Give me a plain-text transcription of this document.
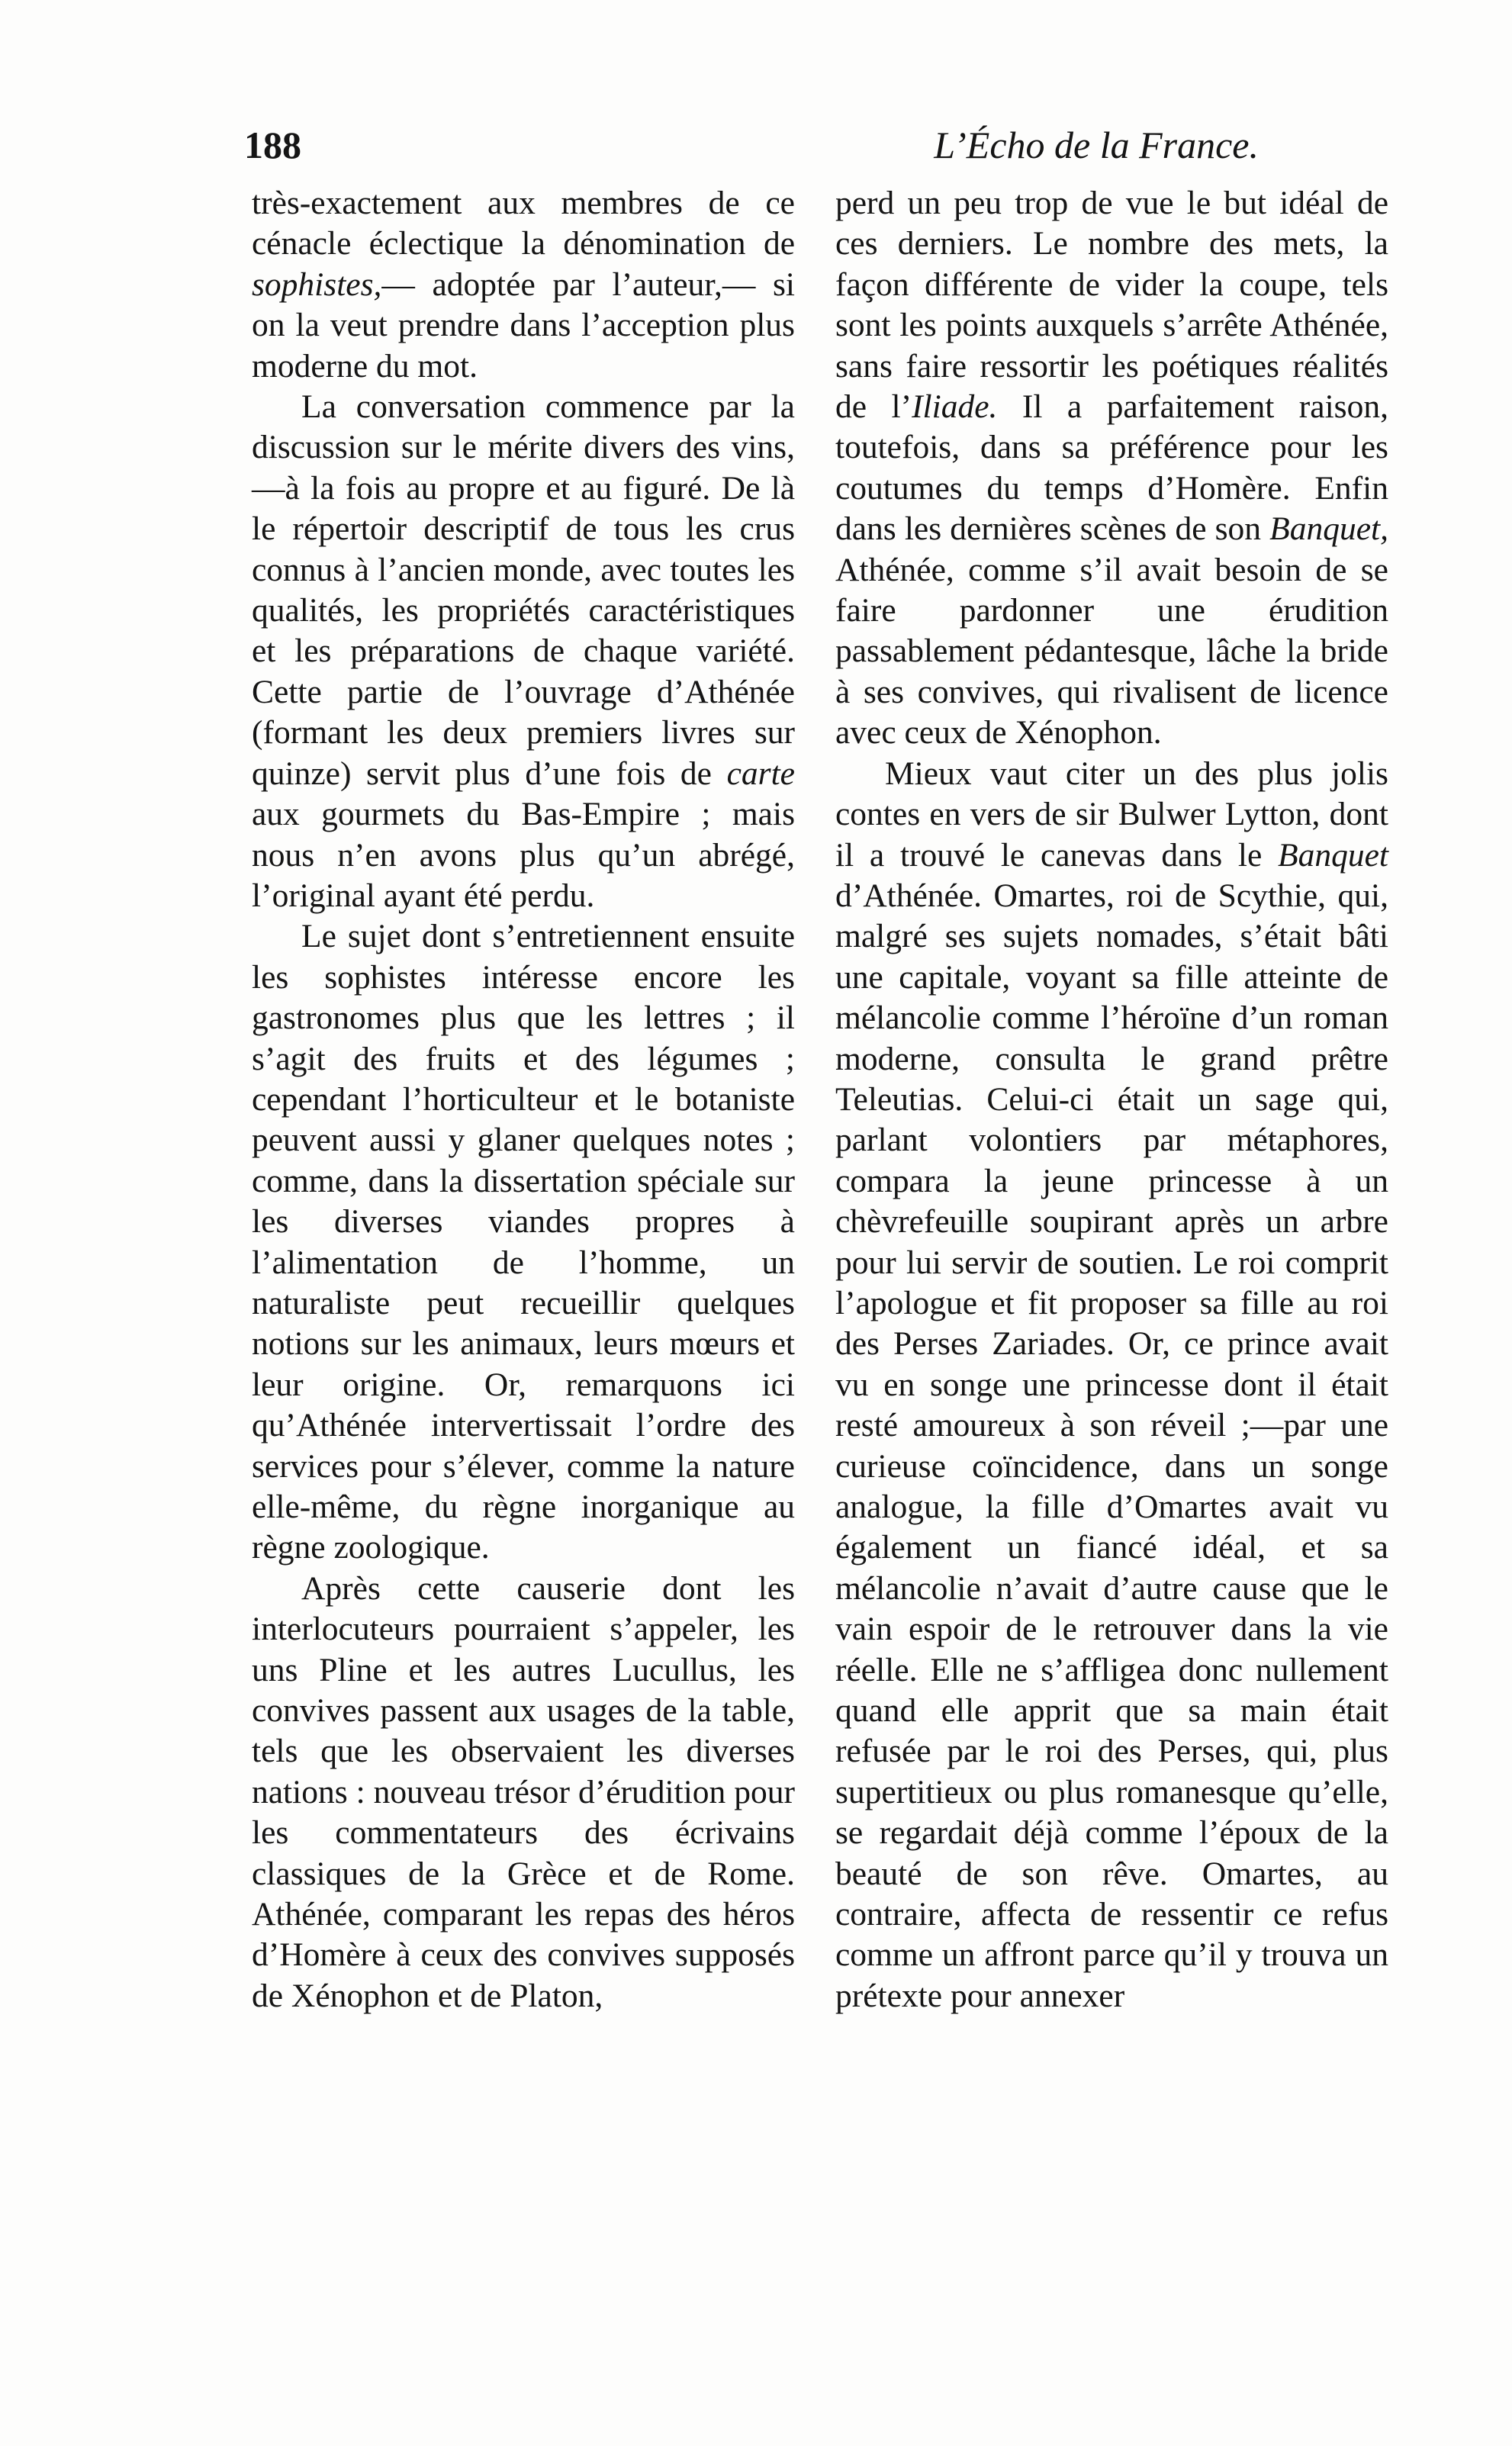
188	L’Écho de la France.

très-exactement aux membres de ce cénacle éclectique la dénomination de sophistes,— adoptée par l’auteur,— si on la veut prendre dans l’acception plus moderne du mot.

La conversation commence par la discussion sur le mérite divers des vins,—à la fois au propre et au figuré. De là le répertoir descriptif de tous les crus connus à l’ancien monde, avec toutes les qualités, les propriétés caractéristiques et les préparations de chaque variété. Cette partie de l’ouvrage d’Athénée (formant les deux premiers livres sur quinze) servit plus d’une fois de carte aux gourmets du Bas-Empire ; mais nous n’en avons plus qu’un abrégé, l’original ayant été perdu.

Le sujet dont s’entretiennent ensuite les sophistes intéresse encore les gastronomes plus que les lettres ; il s’agit des fruits et des légumes ; cependant l’horticulteur et le botaniste peuvent aussi y glaner quelques notes ; comme, dans la dissertation spéciale sur les diverses viandes propres à l’alimentation de l’homme, un naturaliste peut recueillir quelques notions sur les animaux, leurs mœurs et leur origine. Or, remarquons ici qu’Athénée intervertissait l’ordre des services pour s’élever, comme la nature elle-même, du règne inorganique au règne zoologique.

Après cette causerie dont les interlocuteurs pourraient s’appeler, les uns Pline et les autres Lucullus, les convives passent aux usages de la table, tels que les observaient les diverses nations : nouveau trésor d’érudition pour les commentateurs des écrivains classiques de la Grèce et de Rome. Athénée, comparant les repas des héros d’Homère à ceux des convives supposés de Xénophon et de Platon,

perd un peu trop de vue le but idéal de ces derniers. Le nombre des mets, la façon différente de vider la coupe, tels sont les points auxquels s’arrête Athénée, sans faire ressortir les poétiques réalités de l’Iliade. Il a parfaitement raison, toutefois, dans sa préférence pour les coutumes du temps d’Homère. Enfin dans les dernières scènes de son Banquet, Athénée, comme s’il avait besoin de se faire pardonner une érudition passablement pédantesque, lâche la bride à ses convives, qui rivalisent de licence avec ceux de Xénophon.

Mieux vaut citer un des plus jolis contes en vers de sir Bulwer Lytton, dont il a trouvé le canevas dans le Banquet d’Athénée. Omartes, roi de Scythie, qui, malgré ses sujets nomades, s’était bâti une capitale, voyant sa fille atteinte de mélancolie comme l’héroïne d’un roman moderne, consulta le grand prêtre Teleutias. Celui-ci était un sage qui, parlant volontiers par métaphores, compara la jeune princesse à un chèvrefeuille soupirant après un arbre pour lui servir de soutien. Le roi comprit l’apologue et fit proposer sa fille au roi des Perses Zariades. Or, ce prince avait vu en songe une princesse dont il était resté amoureux à son réveil ;—par une curieuse coïncidence, dans un songe analogue, la fille d’Omartes avait vu également un fiancé idéal, et sa mélancolie n’avait d’autre cause que le vain espoir de le retrouver dans la vie réelle. Elle ne s’affligea donc nullement quand elle apprit que sa main était refusée par le roi des Perses, qui, plus supertitieux ou plus romanesque qu’elle, se regardait déjà comme l’époux de la beauté de son rêve. Omartes, au contraire, affecta de ressentir ce refus comme un affront parce qu’il y trouva un prétexte pour annexer
